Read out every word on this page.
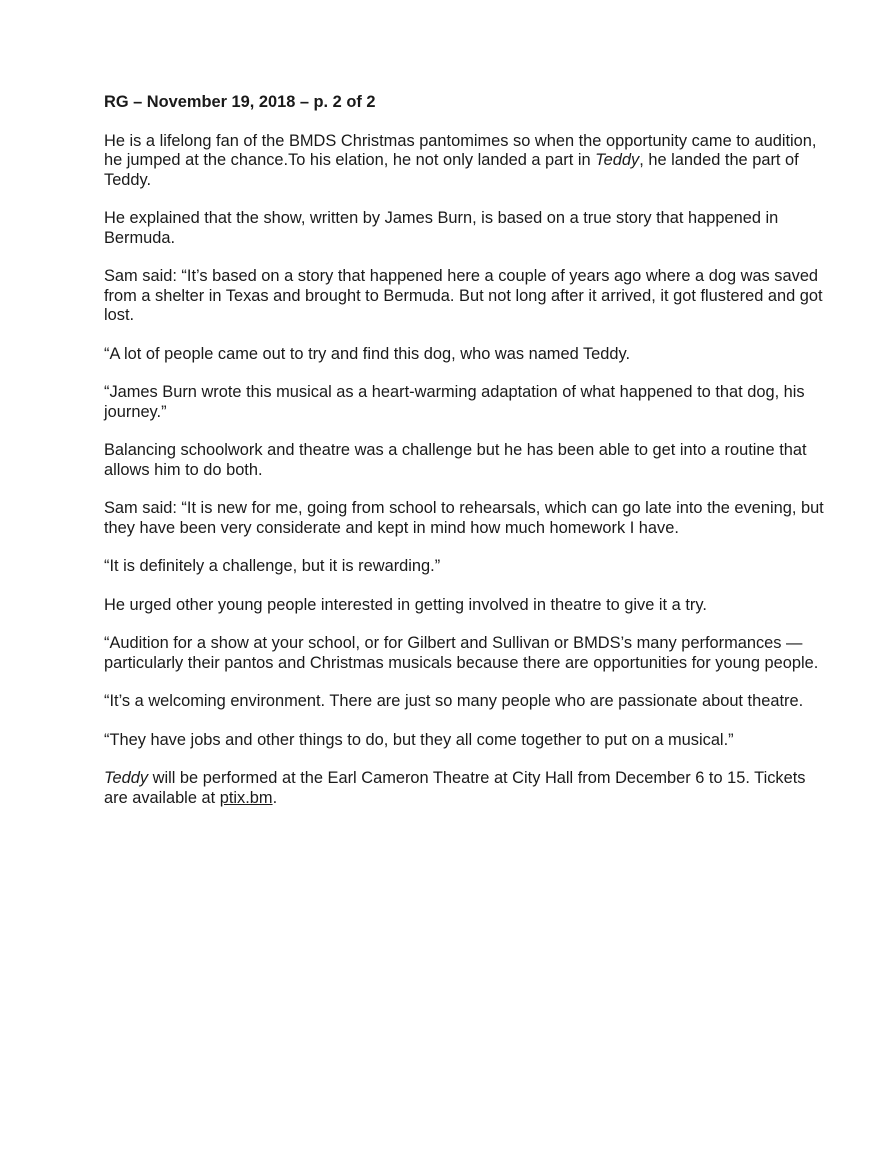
RG – November 19, 2018 – p. 2 of 2

He is a lifelong fan of the BMDS Christmas pantomimes so when the opportunity came to audition, he jumped at the chance.To his elation, he not only landed a part in Teddy, he landed the part of Teddy.

He explained that the show, written by James Burn, is based on a true story that happened in Bermuda.

Sam said: “It’s based on a story that happened here a couple of years ago where a dog was saved from a shelter in Texas and brought to Bermuda. But not long after it arrived, it got flustered and got lost.

“A lot of people came out to try and find this dog, who was named Teddy.

“James Burn wrote this musical as a heart-warming adaptation of what happened to that dog, his journey.”

Balancing schoolwork and theatre was a challenge but he has been able to get into a routine that allows him to do both.

Sam said: “It is new for me, going from school to rehearsals, which can go late into the evening, but they have been very considerate and kept in mind how much homework I have.

“It is definitely a challenge, but it is rewarding.”

He urged other young people interested in getting involved in theatre to give it a try.

“Audition for a show at your school, or for Gilbert and Sullivan or BMDS’s many performances — particularly their pantos and Christmas musicals because there are opportunities for young people.

“It’s a welcoming environment. There are just so many people who are passionate about theatre.

“They have jobs and other things to do, but they all come together to put on a musical.”

Teddy will be performed at the Earl Cameron Theatre at City Hall from December 6 to 15. Tickets are available at ptix.bm.
